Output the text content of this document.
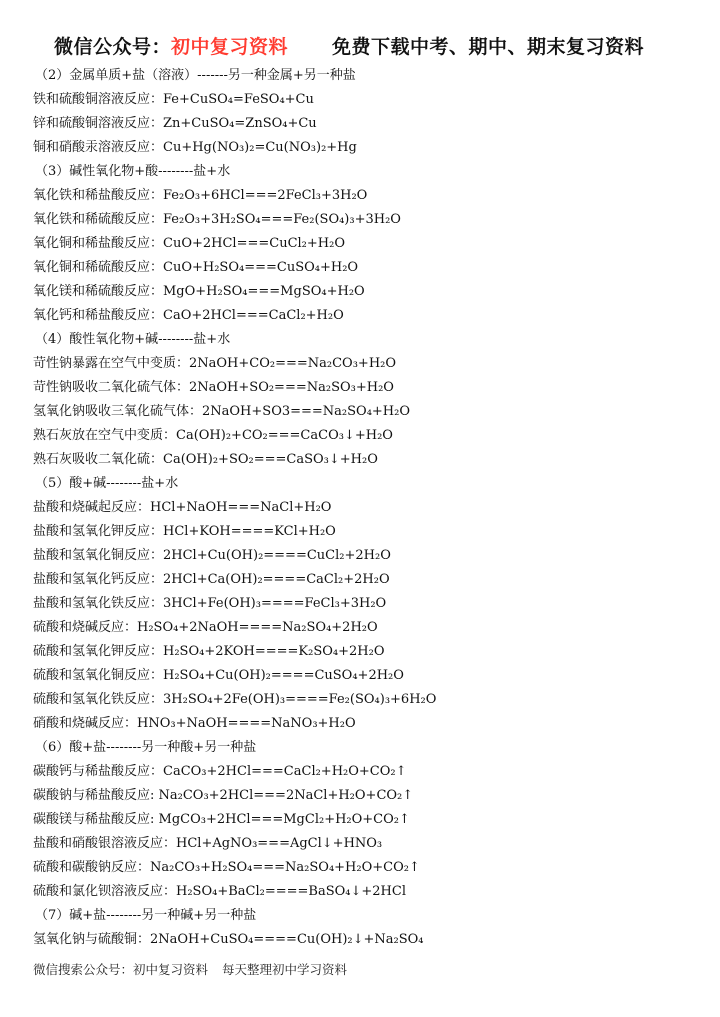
微信公众号：初中复习资料 免费下载中考、期中、期末复习资料
（2）金属单质+盐（溶液）-------另一种金属+另一种盐
铁和硫酸铜溶液反应：Fe+CuSO₄=FeSO₄+Cu
锌和硫酸铜溶液反应：Zn+CuSO₄=ZnSO₄+Cu
铜和硝酸汞溶液反应：Cu+Hg(NO₃)₂=Cu(NO₃)₂+Hg
（3）碱性氧化物+酸--------盐+水
氧化铁和稀盐酸反应：Fe₂O₃+6HCl===2FeCl₃+3H₂O
氧化铁和稀硫酸反应：Fe₂O₃+3H₂SO₄===Fe₂(SO₄)₃+3H₂O
氧化铜和稀盐酸反应：CuO+2HCl===CuCl₂+H₂O
氧化铜和稀硫酸反应：CuO+H₂SO₄===CuSO₄+H₂O
氧化镁和稀硫酸反应：MgO+H₂SO₄===MgSO₄+H₂O
氧化钙和稀盐酸反应：CaO+2HCl===CaCl₂+H₂O
（4）酸性氧化物+碱--------盐+水
苛性钠暴露在空气中变质：2NaOH+CO₂===Na₂CO₃+H₂O
苛性钠吸收二氧化硫气体：2NaOH+SO₂===Na₂SO₃+H₂O
氢氧化钠吸收三氧化硫气体：2NaOH+SO3===Na₂SO₄+H₂O
熟石灰放在空气中变质：Ca(OH)₂+CO₂===CaCO₃↓+H₂O
熟石灰吸收二氧化硫：Ca(OH)₂+SO₂===CaSO₃↓+H₂O
（5）酸+碱--------盐+水
盐酸和烧碱起反应：HCl+NaOH===NaCl+H₂O
盐酸和氢氧化钾反应：HCl+KOH====KCl+H₂O
盐酸和氢氧化铜反应：2HCl+Cu(OH)₂====CuCl₂+2H₂O
盐酸和氢氧化钙反应：2HCl+Ca(OH)₂====CaCl₂+2H₂O
盐酸和氢氧化铁反应：3HCl+Fe(OH)₃====FeCl₃+3H₂O
硫酸和烧碱反应：H₂SO₄+2NaOH====Na₂SO₄+2H₂O
硫酸和氢氧化钾反应：H₂SO₄+2KOH====K₂SO₄+2H₂O
硫酸和氢氧化铜反应：H₂SO₄+Cu(OH)₂====CuSO₄+2H₂O
硫酸和氢氧化铁反应：3H₂SO₄+2Fe(OH)₃====Fe₂(SO₄)₃+6H₂O
硝酸和烧碱反应：HNO₃+NaOH====NaNO₃+H₂O
（6）酸+盐--------另一种酸+另一种盐
碳酸钙与稀盐酸反应：CaCO₃+2HCl===CaCl₂+H₂O+CO₂↑
碳酸钠与稀盐酸反应: Na₂CO₃+2HCl===2NaCl+H₂O+CO₂↑
碳酸镁与稀盐酸反应: MgCO₃+2HCl===MgCl₂+H₂O+CO₂↑
盐酸和硝酸银溶液反应：HCl+AgNO₃===AgCl↓+HNO₃
硫酸和碳酸钠反应：Na₂CO₃+H₂SO₄===Na₂SO₄+H₂O+CO₂↑
硫酸和氯化钡溶液反应：H₂SO₄+BaCl₂====BaSO₄↓+2HCl
（7）碱+盐--------另一种碱+另一种盐
氢氧化钠与硫酸铜：2NaOH+CuSO₄====Cu(OH)₂↓+Na₂SO₄
微信搜索公众号：初中复习资料 每天整理初中学习资料
